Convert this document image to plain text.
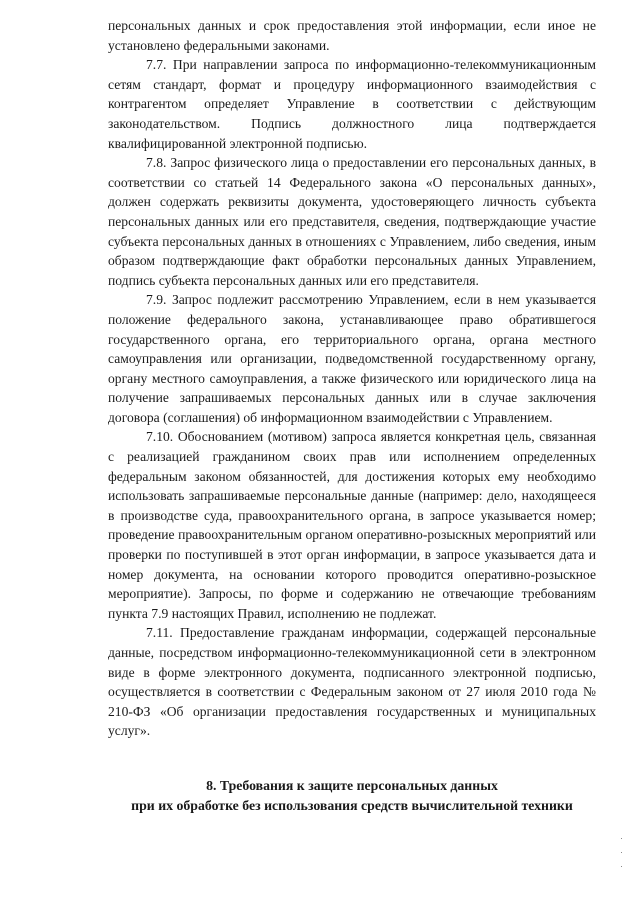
персональных данных и срок предоставления этой информации, если иное не установлено федеральными законами.

7.7. При направлении запроса по информационно-телекоммуникационным сетям стандарт, формат и процедуру информационного взаимодействия с контрагентом определяет Управление в соответствии с действующим законодательством. Подпись должностного лица подтверждается квалифицированной электронной подписью.

7.8. Запрос физического лица о предоставлении его персональных данных, в соответствии со статьей 14 Федерального закона «О персональных данных», должен содержать реквизиты документа, удостоверяющего личность субъекта персональных данных или его представителя, сведения, подтверждающие участие субъекта персональных данных в отношениях с Управлением, либо сведения, иным образом подтверждающие факт обработки персональных данных Управлением, подпись субъекта персональных данных или его представителя.

7.9. Запрос подлежит рассмотрению Управлением, если в нем указывается положение федерального закона, устанавливающее право обратившегося государственного органа, его территориального органа, органа местного самоуправления или организации, подведомственной государственному органу, органу местного самоуправления, а также физического или юридического лица на получение запрашиваемых персональных данных или в случае заключения договора (соглашения) об информационном взаимодействии с Управлением.

7.10. Обоснованием (мотивом) запроса является конкретная цель, связанная с реализацией гражданином своих прав или исполнением определенных федеральным законом обязанностей, для достижения которых ему необходимо использовать запрашиваемые персональные данные (например: дело, находящееся в производстве суда, правоохранительного органа, в запросе указывается номер; проведение правоохранительным органом оперативно-розыскных мероприятий или проверки по поступившей в этот орган информации, в запросе указывается дата и номер документа, на основании которого проводится оперативно-розыскное мероприятие). Запросы, по форме и содержанию не отвечающие требованиям пункта 7.9 настоящих Правил, исполнению не подлежат.

7.11. Предоставление гражданам информации, содержащей персональные данные, посредством информационно-телекоммуникационной сети в электронном виде в форме электронного документа, подписанного электронной подписью, осуществляется в соответствии с Федеральным законом от 27 июля 2010 года № 210-ФЗ «Об организации предоставления государственных и муниципальных услуг».

8. Требования к защите персональных данных
при их обработке без использования средств вычислительной техники
